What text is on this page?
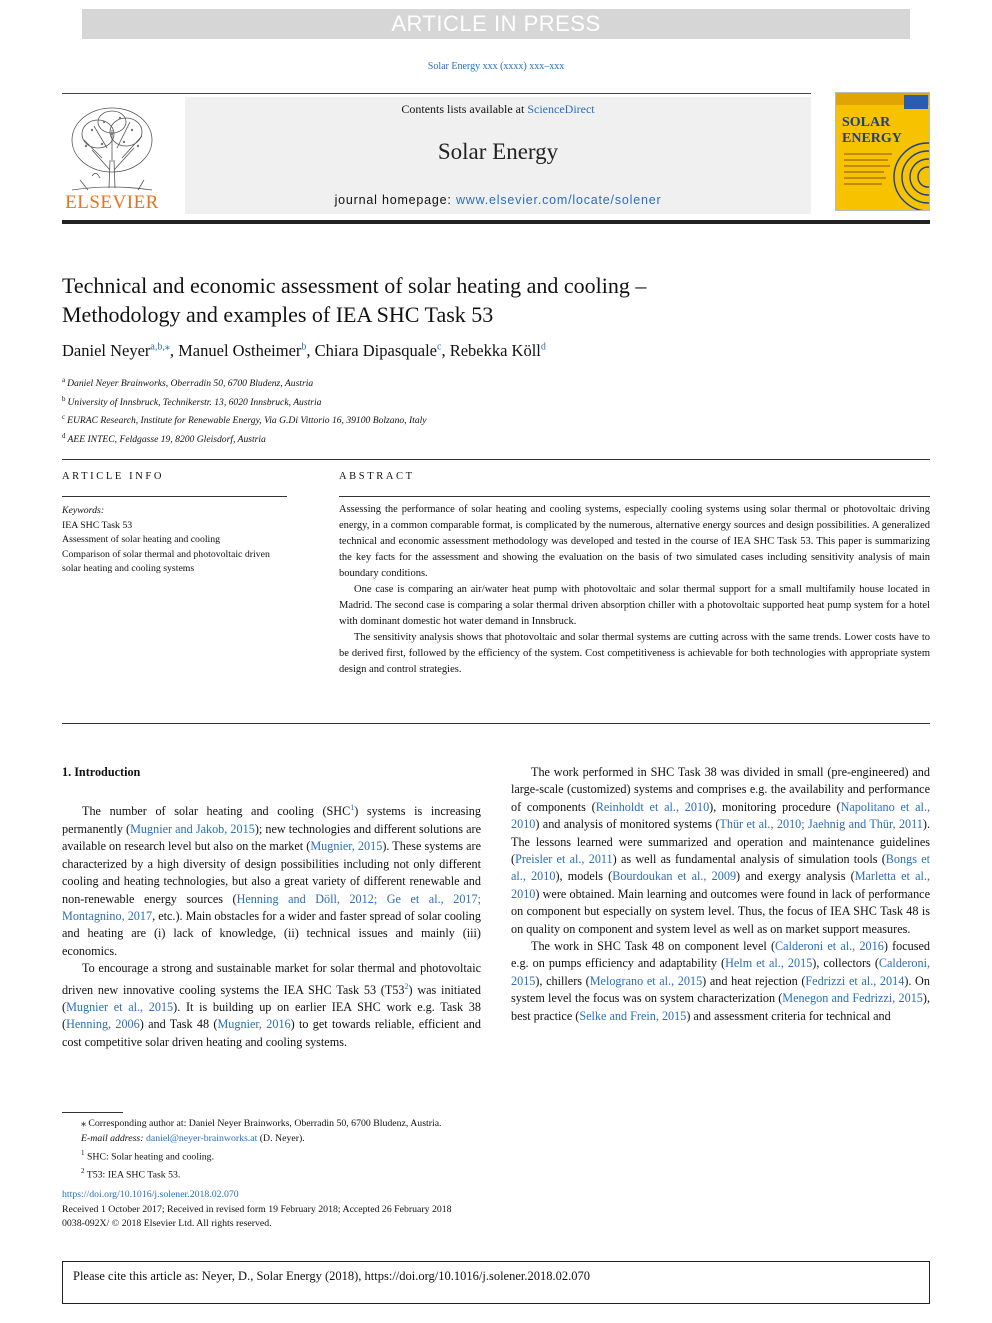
ARTICLE IN PRESS
Solar Energy xxx (xxxx) xxx–xxx
ELSEVIER
Contents lists available at ScienceDirect
Solar Energy
journal homepage: www.elsevier.com/locate/solener
SOLAR
ENERGY
Technical and economic assessment of solar heating and cooling –
Methodology and examples of IEA SHC Task 53
Daniel Neyer$^{a,b,⁎}$, Manuel Ostheimer$^b$, Chiara Dipasquale$^c$, Rebekka Köll$^d$
$^a$ Daniel Neyer Brainworks, Oberradin 50, 6700 Bludenz, Austria
$^b$ University of Innsbruck, Technikerstr. 13, 6020 Innsbruck, Austria
$^c$ EURAC Research, Institute for Renewable Energy, Via G.Di Vittorio 16, 39100 Bolzano, Italy
$^d$ AEE INTEC, Feldgasse 19, 8200 Gleisdorf, Austria
ARTICLE INFO
Keywords:
IEA SHC Task 53
Assessment of solar heating and cooling
Comparison of solar thermal and photovoltaic driven solar heating and cooling systems
ABSTRACT

Assessing the performance of solar heating and cooling systems, especially cooling systems using solar thermal or photovoltaic driving energy, in a common comparable format, is complicated by the numerous, alternative energy sources and design possibilities. A generalized technical and economic assessment methodology was developed and tested in the course of IEA SHC Task 53. This paper is summarizing the key facts for the assessment and showing the evaluation on the basis of two simulated cases including sensitivity analysis of main boundary conditions.

One case is comparing an air/water heat pump with photovoltaic and solar thermal support for a small multifamily house located in Madrid. The second case is comparing a solar thermal driven absorption chiller with a photovoltaic supported heat pump system for a hotel with dominant domestic hot water demand in Innsbruck.

The sensitivity analysis shows that photovoltaic and solar thermal systems are cutting across with the same trends. Lower costs have to be derived first, followed by the efficiency of the system. Cost competitiveness is achievable for both technologies with appropriate system design and control strategies.

1. Introduction

The number of solar heating and cooling (SHC$^1$) systems is increasing permanently (Mugnier and Jakob, 2015); new technologies and different solutions are available on research level but also on the market (Mugnier, 2015). These systems are characterized by a high diversity of design possibilities including not only different cooling and heating technologies, but also a great variety of different renewable and non-renewable energy sources (Henning and Döll, 2012; Ge et al., 2017; Montagnino, 2017, etc.). Main obstacles for a wider and faster spread of solar cooling and heating are (i) lack of knowledge, (ii) technical issues and mainly (iii) economics.

To encourage a strong and sustainable market for solar thermal and photovoltaic driven new innovative cooling systems the IEA SHC Task 53 $(T53^2)$ was initiated (Mugnier et al., 2015). It is building up on earlier IEA SHC work e.g. Task 38 (Henning, 2006) and Task 48 (Mugnier, 2016) to get towards reliable, efficient and cost competitive solar driven heating and cooling systems.

The work performed in SHC Task 38 was divided in small (pre-engineered) and large-scale (customized) systems and comprises e.g. the availability and performance of components (Reinholdt et al., 2010), monitoring procedure (Napolitano et al., 2010) and analysis of monitored systems (Thür et al., 2010; Jaehnig and Thür, 2011). The lessons learned were summarized and operation and maintenance guidelines (Preisler et al., 2011) as well as fundamental analysis of simulation tools (Bongs et al., 2010), models (Bourdoukan et al., 2009) and exergy analysis (Marletta et al., 2010) were obtained. Main learning and outcomes were found in lack of performance on component but especially on system level. Thus, the focus of IEA SHC Task 48 is on quality on component and system level as well as on market support measures.

The work in SHC Task 48 on component level (Calderoni et al., 2016) focused e.g. on pumps efficiency and adaptability (Helm et al., 2015), collectors (Calderoni, 2015), chillers (Melograno et al., 2015) and heat rejection (Fedrizzi et al., 2014). On system level the focus was on system characterization (Menegon and Fedrizzi, 2015), best practice (Selke and Frein, 2015) and assessment criteria for technical and

⁎ Corresponding author at: Daniel Neyer Brainworks, Oberradin 50, 6700 Bludenz, Austria.
E-mail address: daniel@neyer-brainworks.at (D. Neyer).
$^1$ SHC: Solar heating and cooling.
$^2$ T53: IEA SHC Task 53.
https://doi.org/10.1016/j.solener.2018.02.070
Received 1 October 2017; Received in revised form 19 February 2018; Accepted 26 February 2018
0038-092X/ © 2018 Elsevier Ltd. All rights reserved.
Please cite this article as: Neyer, D., Solar Energy (2018), https://doi.org/10.1016/j.solener.2018.02.070
